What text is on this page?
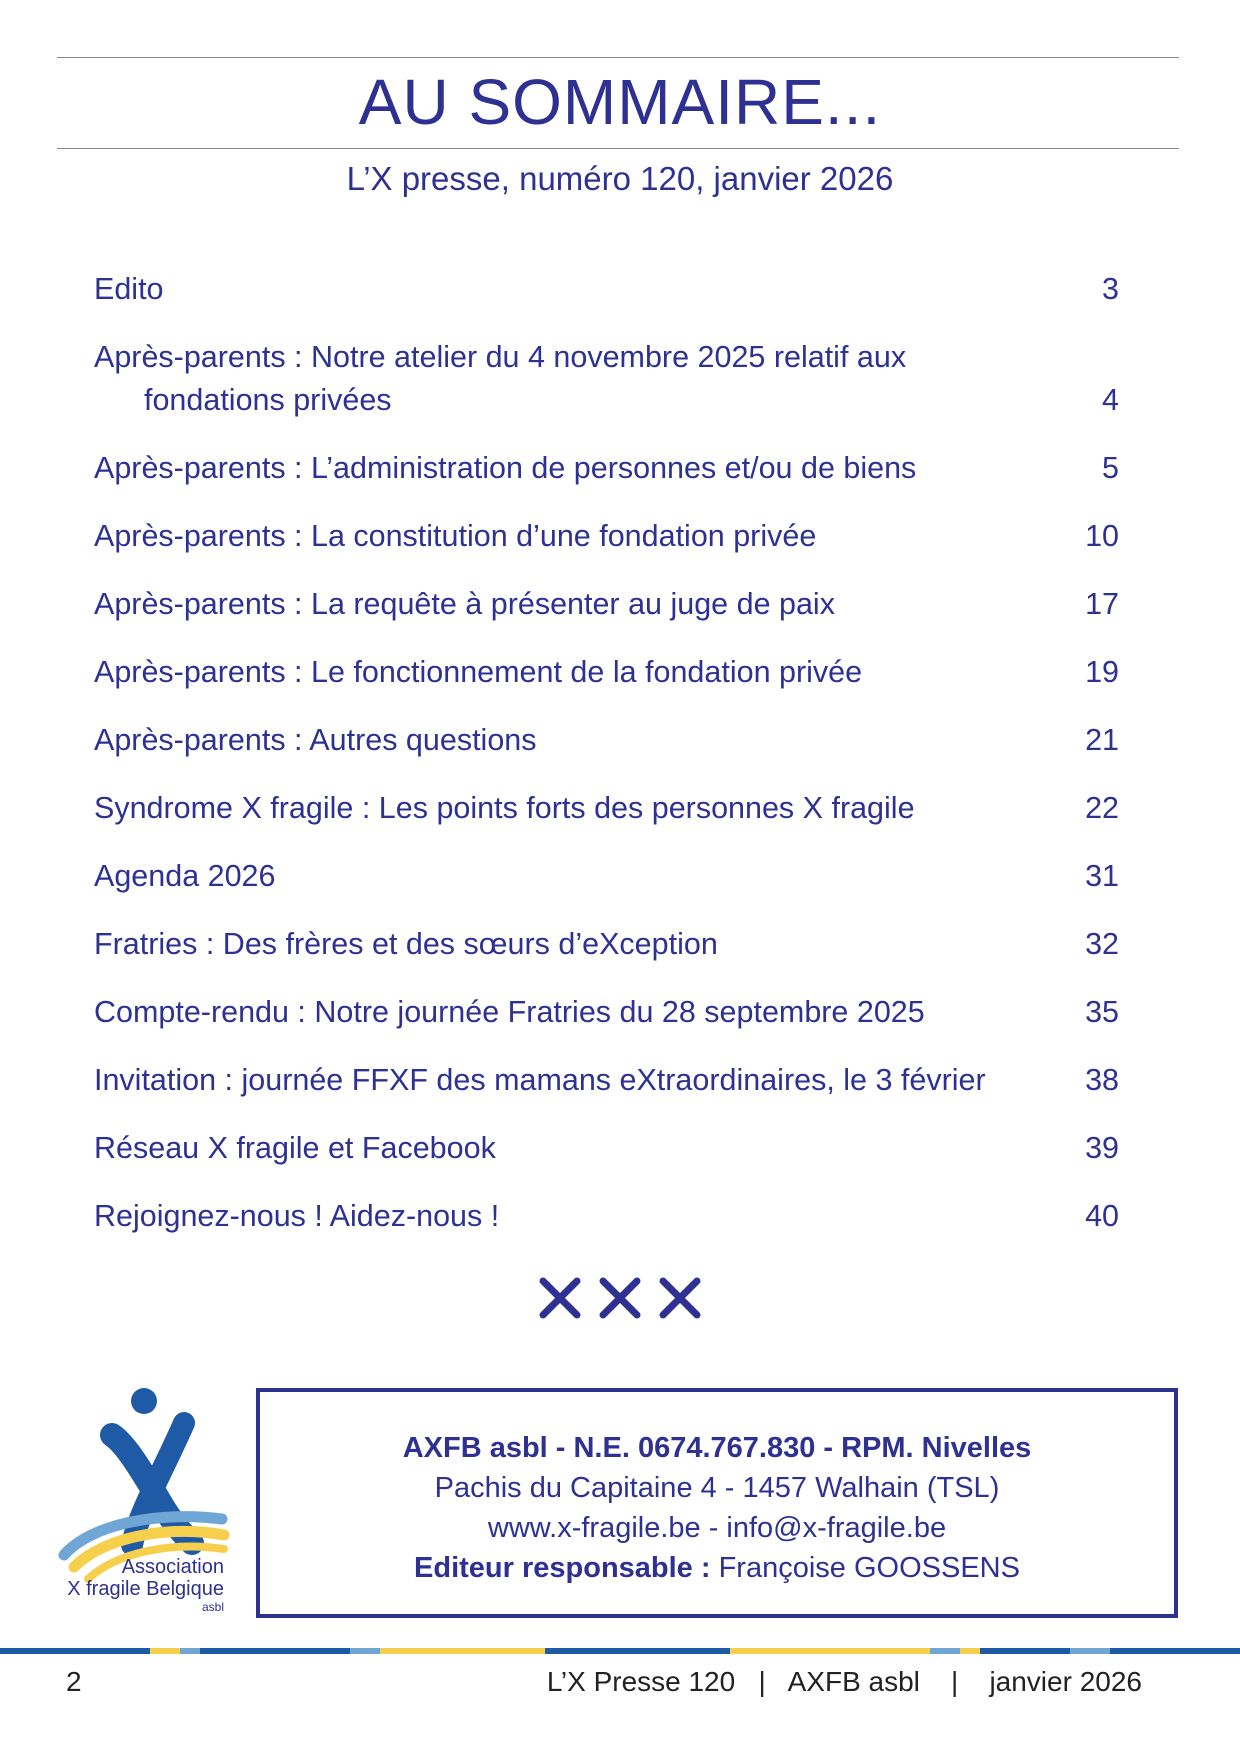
AU SOMMAIRE...
L’X presse, numéro 120, janvier 2026
Edito	3
Après-parents : Notre atelier du 4 novembre 2025 relatif aux
fondations privées	4
Après-parents : L’administration de personnes et/ou de biens	5
Après-parents : La constitution d’une fondation privée	10
Après-parents : La requête à présenter au juge de paix	17
Après-parents : Le fonctionnement de la fondation privée	19
Après-parents : Autres questions	21
Syndrome X fragile : Les points forts des personnes X fragile	22
Agenda 2026	31
Fratries : Des frères et des sœurs d’eXception	32
Compte-rendu : Notre journée Fratries du 28 septembre 2025	35
Invitation : journée FFXF des mamans eXtraordinaires, le 3 février	38
Réseau X fragile et Facebook	39
Rejoignez-nous ! Aidez-nous !	40
Association
X fragile Belgique
asbl
AXFB asbl - N.E. 0674.767.830 - RPM. Nivelles
Pachis du Capitaine 4 - 1457 Walhain (TSL)
www.x-fragile.be - info@x-fragile.be
Editeur responsable : Françoise GOOSSENS
2	L’X Presse 120 | AXFB asbl | janvier 2026
